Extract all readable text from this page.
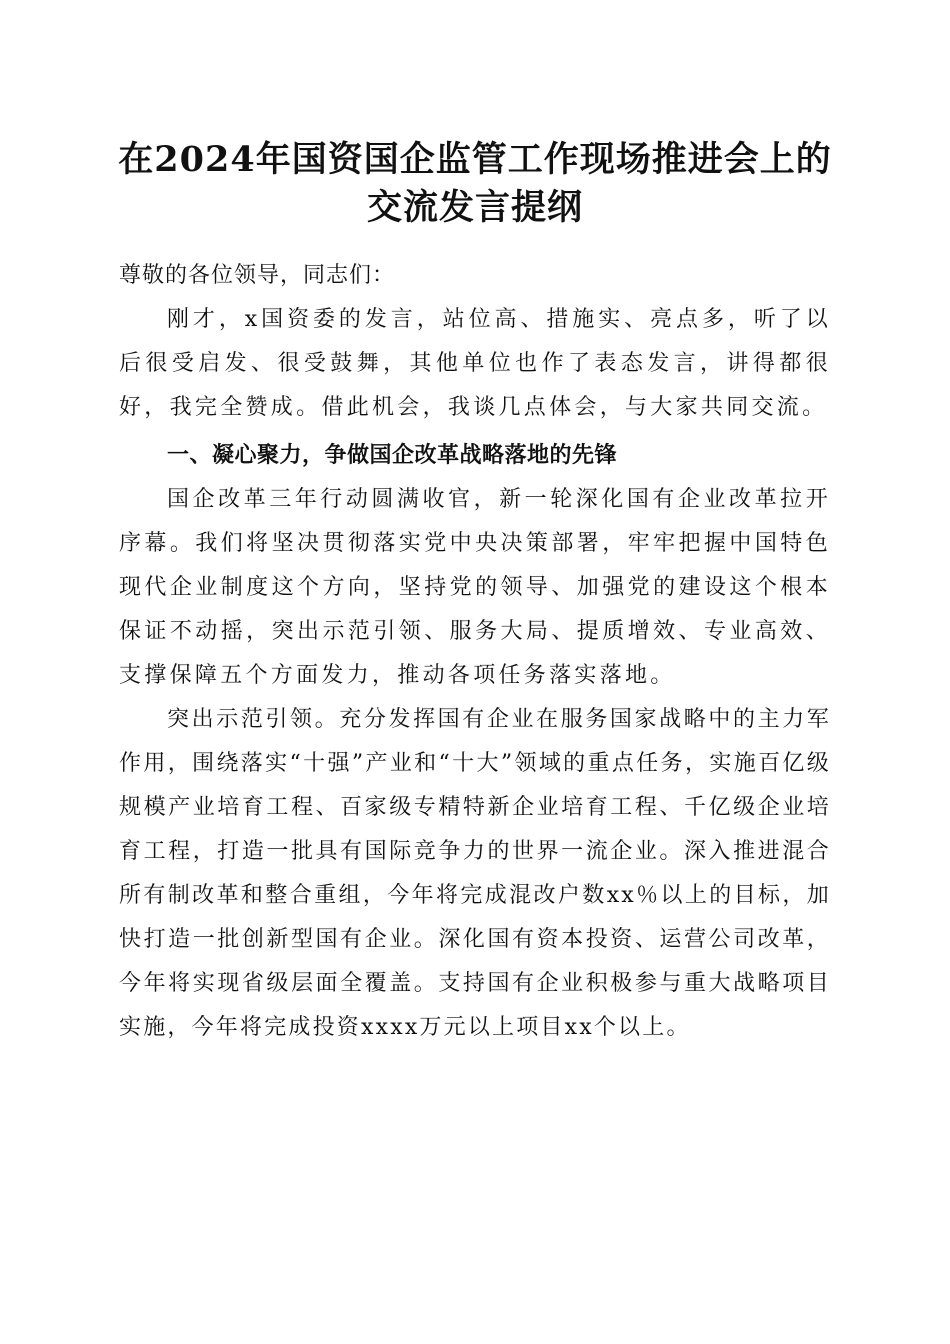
在2024年国资国企监管工作现场推进会上的
交流发言提纲

尊敬的各位领导，同志们：

刚才，x国资委的发言，站位高、措施实、亮点多，听了以后很受启发、很受鼓舞，其他单位也作了表态发言，讲得都很好，我完全赞成。借此机会，我谈几点体会，与大家共同交流。

一、凝心聚力，争做国企改革战略落地的先锋

国企改革三年行动圆满收官，新一轮深化国有企业改革拉开序幕。我们将坚决贯彻落实党中央决策部署，牢牢把握中国特色现代企业制度这个方向，坚持党的领导、加强党的建设这个根本保证不动摇，突出示范引领、服务大局、提质增效、专业高效、支撑保障五个方面发力，推动各项任务落实落地。

突出示范引领。充分发挥国有企业在服务国家战略中的主力军作用，围绕落实“十强”产业和“十大”领域的重点任务，实施百亿级规模产业培育工程、百家级专精特新企业培育工程、千亿级企业培育工程，打造一批具有国际竞争力的世界一流企业。深入推进混合所有制改革和整合重组，今年将完成混改户数xx％以上的目标，加快打造一批创新型国有企业。深化国有资本投资、运营公司改革，今年将实现省级层面全覆盖。支持国有企业积极参与重大战略项目实施，今年将完成投资xxxx万元以上项目xx个以上。
